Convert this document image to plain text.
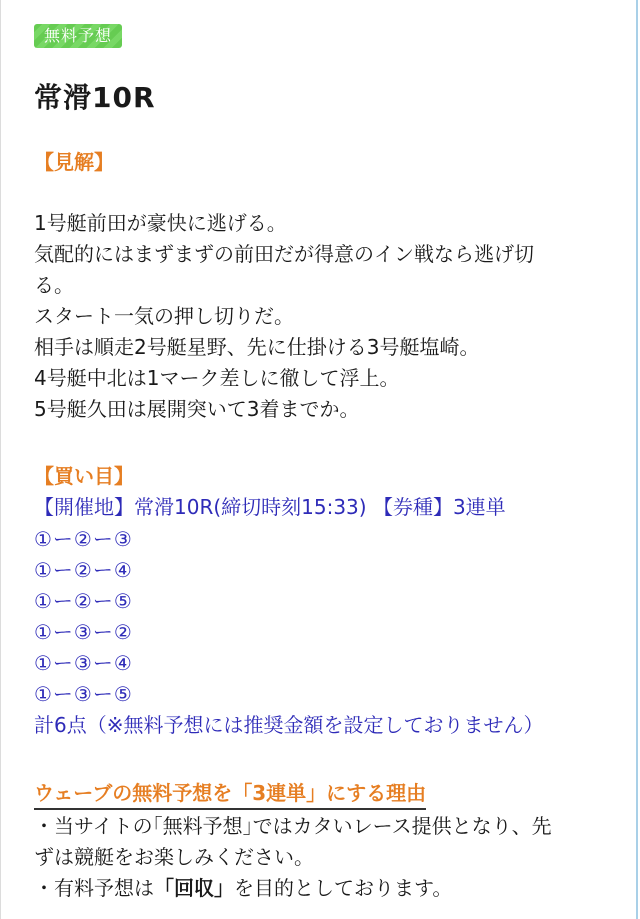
無料予想
常滑10R

【見解】

1号艇前田が豪快に逃げる。
気配的にはまずまずの前田だが得意のイン戦なら逃げ切
る。
スタート一気の押し切りだ。
相手は順走2号艇星野、先に仕掛ける3号艇塩崎。
4号艇中北は1マーク差しに徹して浮上。
5号艇久田は展開突いて3着までか。

【買い目】

【開催地】常滑10R(締切時刻15:33) 【券種】3連単

①ー②ー③
①ー②ー④
①ー②ー⑤
①ー③ー②
①ー③ー④
①ー③ー⑤

計6点（※無料予想には推奨金額を設定しておりません）

ウェーブの無料予想を「3連単」にする理由

・当サイトの｢無料予想｣ではカタいレース提供となり、先
ずは競艇をお楽しみください。
・有料予想は「回収」を目的としております。
